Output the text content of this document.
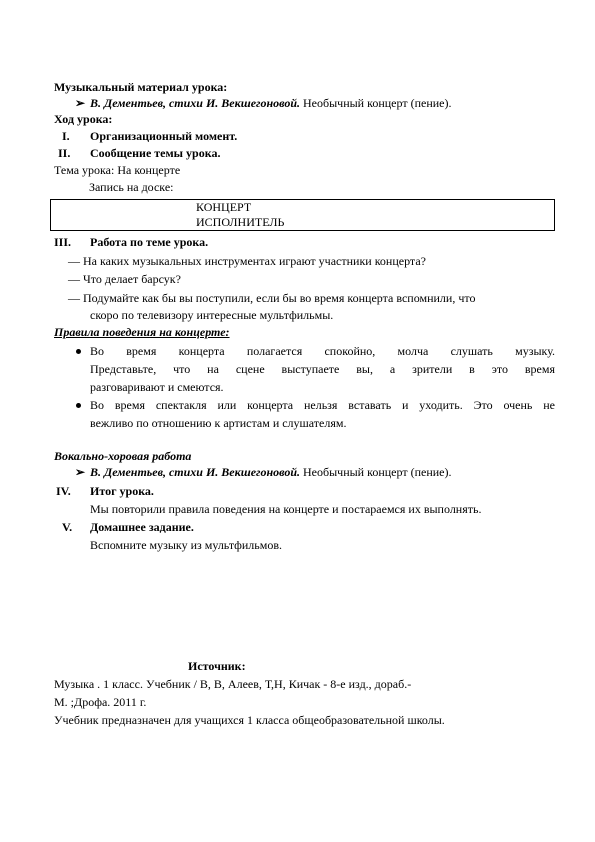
Музыкальный материал урока:
➢ В. Дементьев, стихи И. Векшегоновой. Необычный концерт (пение).
Ход урока:
I. Организационный момент.
II. Сообщение темы урока.
Тема урока: На концерте
Запись на доске:
КОНЦЕРТ
ИСПОЛНИТЕЛЬ
III. Работа по теме урока.
— На каких музыкальных инструментах играют участники концерта?
— Что делает барсук?
— Подумайте как бы вы поступили, если бы во время концерта вспомнили, что
скоро по телевизору интересные мультфильмы.
Правила поведения на концерте:
Во время концерта полагается спокойно, молча слушать музыку.
Представьте, что на сцене выступаете вы, а зрители в это время
разговаривают и смеются.
Во время спектакля или концерта нельзя вставать и уходить. Это очень не
вежливо по отношению к артистам и слушателям.
Вокально-хоровая работа
➢ В. Дементьев, стихи И. Векшегоновой. Необычный концерт (пение).
IV. Итог урока.
Мы повторили правила поведения на концерте и постараемся их выполнять.
V. Домашнее задание.
Вспомните музыку из мультфильмов.
Источник:
Музыка . 1 класс. Учебник / В, В, Алеев, Т,Н, Кичак - 8-е изд., дораб.-
М. ;Дрофа. 2011 г.
Учебник предназначен для учащихся 1 класса общеобразовательной школы.
